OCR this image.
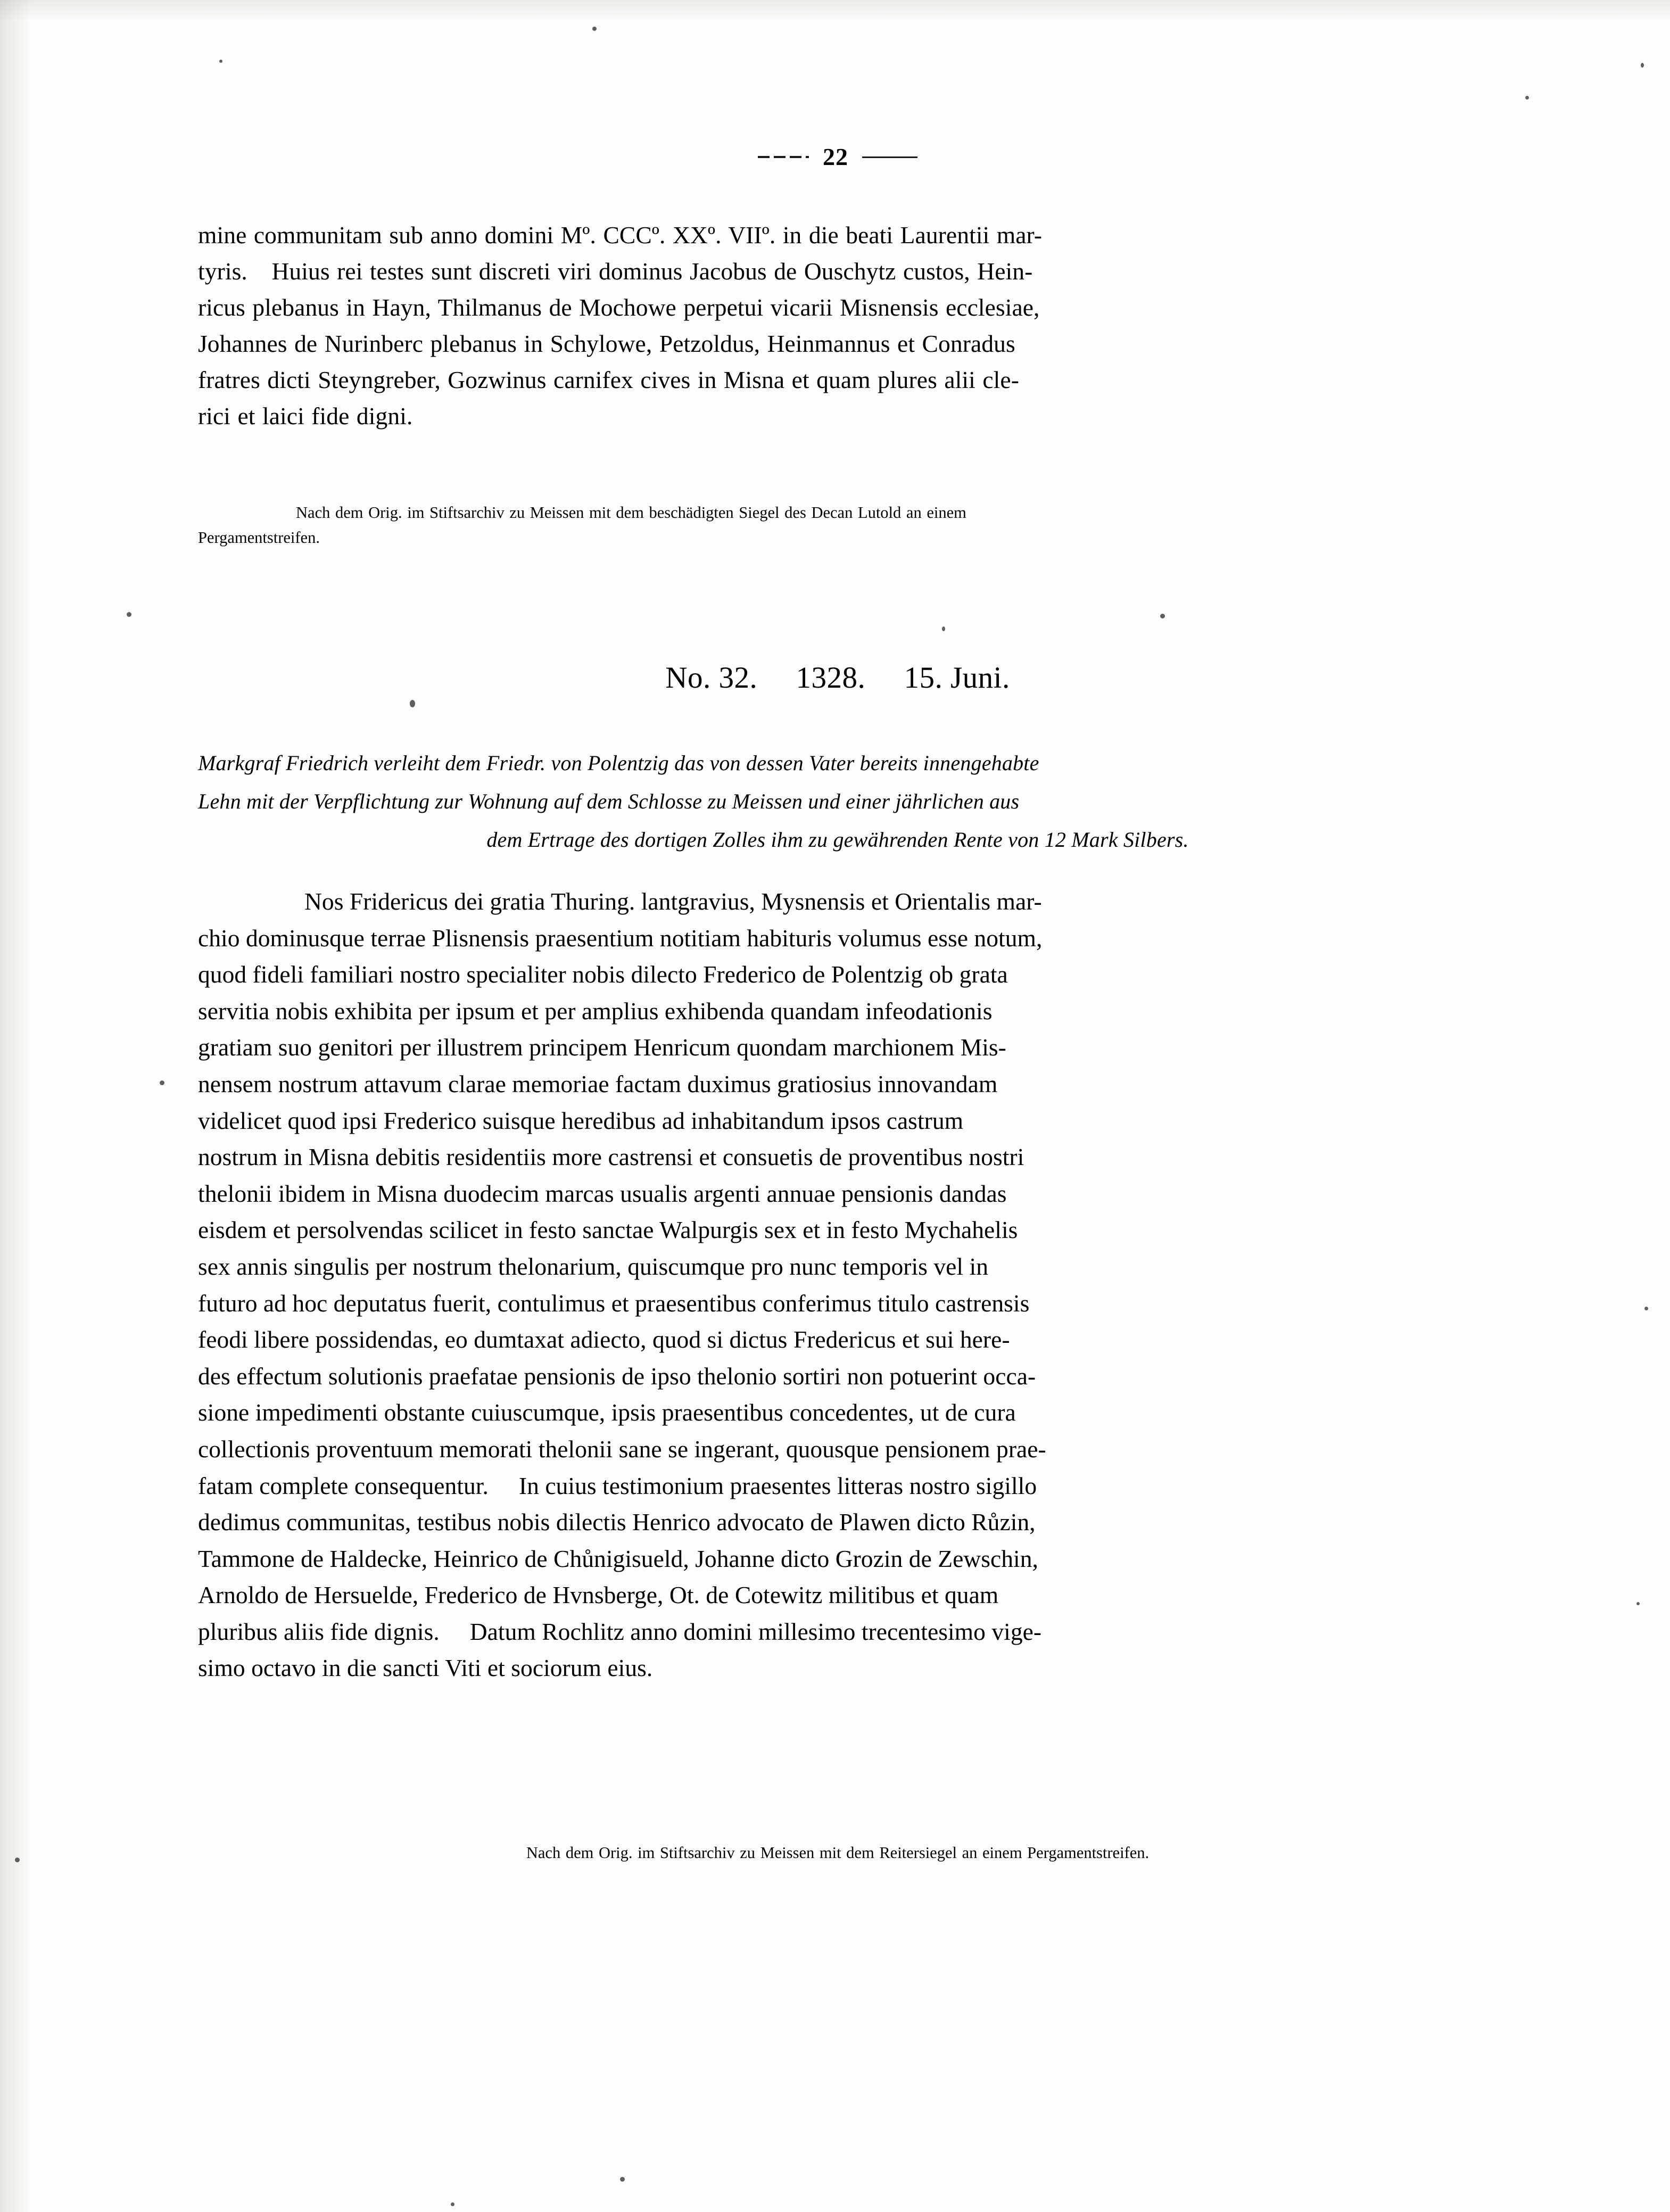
22
mine communitam sub anno domini Mº. CCCº. XXº. VIIº. in die beati Laurentii mar-
tyris. Huius rei testes sunt discreti viri dominus Jacobus de Ouschytz custos, Hein-
ricus plebanus in Hayn, Thilmanus de Mochowe perpetui vicarii Misnensis ecclesiae,
Johannes de Nurinberc plebanus in Schylowe, Petzoldus, Heinmannus et Conradus
fratres dicti Steyngreber, Gozwinus carnifex cives in Misna et quam plures alii cle-
rici et laici fide digni.
Nach dem Orig. im Stiftsarchiv zu Meissen mit dem beschädigten Siegel des Decan Lutold an einem
Pergamentstreifen.
No. 32.  1328.  15. Juni.
Markgraf Friedrich verleiht dem Friedr. von Polentzig das von dessen Vater bereits innengehabte
Lehn mit der Verpflichtung zur Wohnung auf dem Schlosse zu Meissen und einer jährlichen aus
dem Ertrage des dortigen Zolles ihm zu gewährenden Rente von 12 Mark Silbers.
Nos Fridericus dei gratia Thuring. lantgravius, Mysnensis et Orientalis mar-
chio dominusque terrae Plisnensis praesentium notitiam habituris volumus esse notum,
quod fideli familiari nostro specialiter nobis dilecto Frederico de Polentzig ob grata
servitia nobis exhibita per ipsum et per amplius exhibenda quandam infeodationis
gratiam suo genitori per illustrem principem Henricum quondam marchionem Mis-
nensem nostrum attavum clarae memoriae factam duximus gratiosius innovandam
videlicet quod ipsi Frederico suisque heredibus ad inhabitandum ipsos castrum
nostrum in Misna debitis residentiis more castrensi et consuetis de proventibus nostri
thelonii ibidem in Misna duodecim marcas usualis argenti annuae pensionis dandas
eisdem et persolvendas scilicet in festo sanctae Walpurgis sex et in festo Mychahelis
sex annis singulis per nostrum thelonarium, quiscumque pro nunc temporis vel in
futuro ad hoc deputatus fuerit, contulimus et praesentibus conferimus titulo castrensis
feodi libere possidendas, eo dumtaxat adiecto, quod si dictus Fredericus et sui here-
des effectum solutionis praefatae pensionis de ipso thelonio sortiri non potuerint occa-
sione impedimenti obstante cuiuscumque, ipsis praesentibus concedentes, ut de cura
collectionis proventuum memorati thelonii sane se ingerant, quousque pensionem prae-
fatam complete consequentur.  In cuius testimonium praesentes litteras nostro sigillo
dedimus communitas, testibus nobis dilectis Henrico advocato de Plawen dicto Růzin,
Tammone de Haldecke, Heinrico de Chůnigisueld, Johanne dicto Grozin de Zewschin,
Arnoldo de Hersuelde, Frederico de Hvnsberge, Ot. de Cotewitz militibus et quam
pluribus aliis fide dignis.  Datum Rochlitz anno domini millesimo trecentesimo vige-
simo octavo in die sancti Viti et sociorum eius.
Nach dem Orig. im Stiftsarchiv zu Meissen mit dem Reitersiegel an einem Pergamentstreifen.
